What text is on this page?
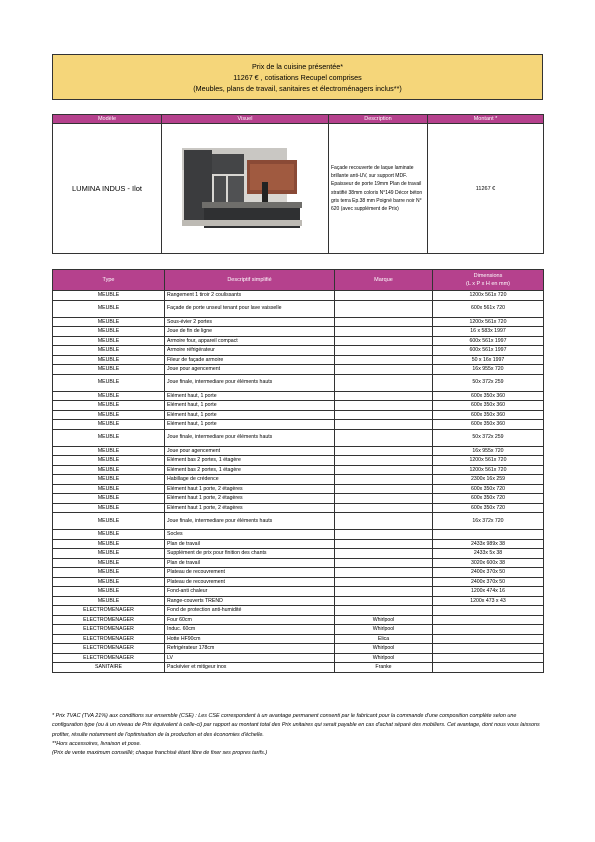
Prix de la cuisine présentée*
11267 € , cotisations Recupel comprises
(Meubles, plans de travail, sanitaires et électroménagers inclus**)
Modèle	Visuel	Description	Montant *
LUMINA INDUS - Ilot		Façade recouverte de laque laminate brillante anti-UV, sur support MDF. Epaisseur de porte 19mm Plan de travail stratifié 38mm coloris N°149 Décor béton gris terra Ep.38 mm Poigné barre noir N° 620 (avec supplément de Prix)	11267 €
Type	Descriptif simplifié	Marque	Dimensions
(L x P x H en mm)

MEUBLE	Rangement 1 tiroir 2 coulissants		1200x 561x 720
MEUBLE	Façade de porte unseul tenant pour lave vaisselle		600x 561x 720
MEUBLE	Sous-évier 2 portes		1200x 561x 720
MEUBLE	Joue de fin de ligne		16 x 583x 1997
MEUBLE	Armoire four, appareil compact		600x 561x 1997
MEUBLE	Armoire réfrigérateur		600x 561x 1997
MEUBLE	Fileur de façade armoire		50 x 16x 1997
MEUBLE	Joue pour agencement		16x 955x 720
MEUBLE	Joue finale, intermediare pour éléments hauts		50x 372x 259
MEUBLE	Elément haut, 1 porte		600x 350x 360
MEUBLE	Elément haut, 1 porte		600x 350x 360
MEUBLE	Elément haut, 1 porte		600x 350x 360
MEUBLE	Elément haut, 1 porte		600x 350x 360
MEUBLE	Joue finale, intermediare pour éléments hauts		50x 372x 259
MEUBLE	Joue pour agencement		16x 955x 720
MEUBLE	Elément bas 2 portes, 1 étagère		1200x 561x 720
MEUBLE	Elément bas 2 portes, 1 étagère		1200x 561x 720
MEUBLE	Habillage de crédence		2300x 16x 259
MEUBLE	Elément haut 1 porte, 2 étagères		600x 350x 720
MEUBLE	Elément haut 1 porte, 2 étagères		600x 350x 720
MEUBLE	Elément haut 1 porte, 2 étagères		600x 350x 720
MEUBLE	Joue finale, intermediare pour éléments hauts		16x 372x 720
MEUBLE	Socles		
MEUBLE	Plan de travail		2433x 989x 38
MEUBLE	Supplément de prix pour finition des chants		2433x 5x 38
MEUBLE	Plan de travail		3020x 600x 38
MEUBLE	Plateau de recouvrement		2400x 370x 50
MEUBLE	Plateau de recouvrement		2400x 370x 50
MEUBLE	Fond-anti chaleur		1200x 474x 16
MEUBLE	Range-couverts TREND		1200x 473 x 43
ELECTROMENAGER	Fond de protection anti-humidité		
ELECTROMENAGER	Four 60cm	Whirlpool	
ELECTROMENAGER	Induc. 60cm	Whirlpool	
ELECTROMENAGER	Hotte HF90cm	Elica	
ELECTROMENAGER	Refrigérateur 178cm	Whirlpool	
ELECTROMENAGER	LV	Whirlpool	
SANITAIRE	Packévier et mitigeur inox	Franke	
* Prix TVAC (TVA 21%) aux conditions sur ensemble (CSE) : Les CSE correspondent à un avantage permanent consenti par le fabricant pour la commande d'une composition complète selon une configuration type (ou à un niveau de Prix équivalent à celle-ci) par rapport au montant total des Prix unitaires qui serait payable en cas d'achat séparé des mobiliers. Cet avantage, dont nous vous laissons profiter, résulte notamment de l'optimisation de la production et des économies d'échelle.
**Hors accessoires, livraison et pose.
(Prix de vente maximum conseillé; chaque franchisé étant libre de fixer ses propres tarifs.)
